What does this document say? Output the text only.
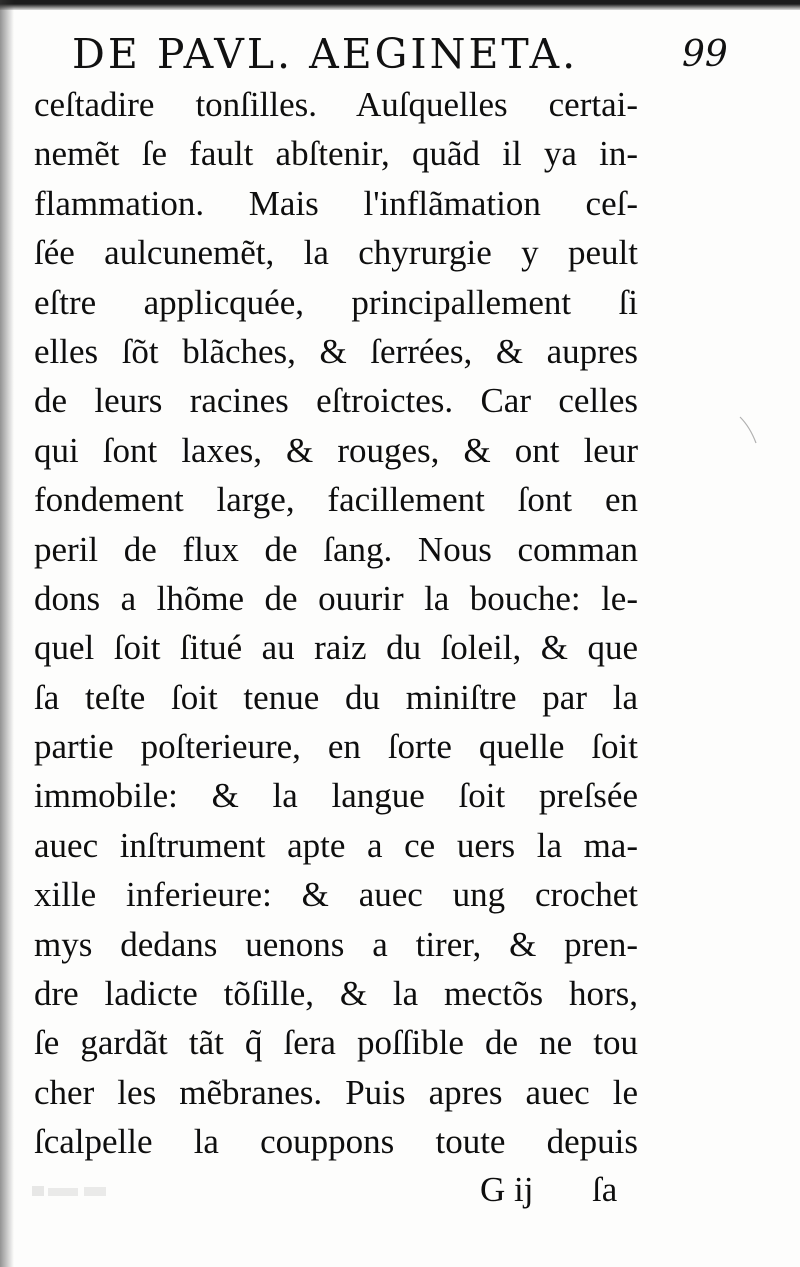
DE PAVL. AEGINETA.	99
ceſtadire tonſilles. Auſquelles certai-
nemẽt ſe fault abſtenir, quãd il ya in-
flammation. Mais l'inflãmation ceſ-
ſée aulcunemẽt, la chyrurgie y peult
eſtre applicquée, principallement ſi
elles ſõt blãches, & ſerrées, & aupres
de leurs racines eſtroictes. Car celles
qui ſont laxes, & rouges, & ont leur
fondement large, facillement ſont en
peril de flux de ſang. Nous comman
dons a lhõme de ouurir la bouche: le-
quel ſoit ſitué au raiz du ſoleil, & que
ſa teſte ſoit tenue du miniſtre par la
partie poſterieure, en ſorte quelle ſoit
immobile: & la langue ſoit preſsée
auec inſtrument apte a ce uers la ma-
xille inferieure: & auec ung crochet
mys dedans uenons a tirer, & pren-
dre ladicte tõſille, & la mectõs hors,
ſe gardãt tãt q̃ ſera poſſible de ne tou
cher les mẽbranes. Puis apres auec le
ſcalpelle la couppons toute depuis
G ij ſa
